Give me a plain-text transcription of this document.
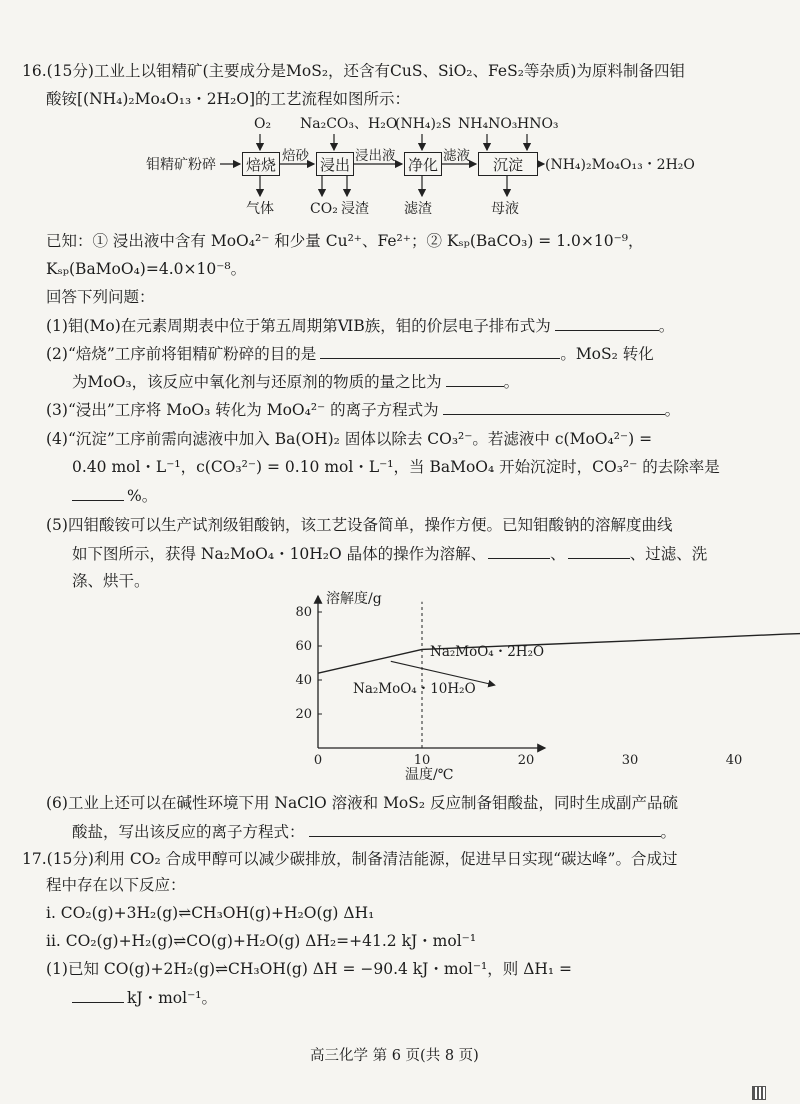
16.(15分)工业上以钼精矿(主要成分是MoS₂，还含有CuS、SiO₂、FeS₂等杂质)为原料制备四钼
酸铵[(NH₄)₂Mo₄O₁₃・2H₂O]的工艺流程如图所示：
O₂ Na₂CO₃、H₂O
(NH₄)₂S NH₄NO₃ HNO₃
钼精矿粉碎 焙烧	浸出	净化	沉淀
焙砂	浸出液	滤液
(NH₄)₂Mo₄O₁₃・2H₂O
气体	CO₂ 浸渣	滤渣	母液
已知：① 浸出液中含有 MoO₄²⁻ 和少量 Cu²⁺、Fe²⁺；② Kₛₚ(BaCO₃) = 1.0×10⁻⁹，
Kₛₚ(BaMoO₄)=4.0×10⁻⁸。
回答下列问题：
(1)钼(Mo)在元素周期表中位于第五周期第ⅥB族，钼的价层电子排布式为	。
(2)“焙烧”工序前将钼精矿粉碎的目的是	。MoS₂ 转化
为MoO₃，该反应中氧化剂与还原剂的物质的量之比为	。
(3)“浸出”工序将 MoO₃ 转化为 MoO₄²⁻ 的离子方程式为	。
(4)“沉淀”工序前需向滤液中加入 Ba(OH)₂ 固体以除去 CO₃²⁻。若滤液中 c(MoO₄²⁻) =
0.40 mol・L⁻¹，c(CO₃²⁻) = 0.10 mol・L⁻¹，当 BaMoO₄ 开始沉淀时，CO₃²⁻ 的去除率是
%。
(5)四钼酸铵可以生产试剂级钼酸钠，该工艺设备简单，操作方便。已知钼酸钠的溶解度曲线
如下图所示，获得 Na₂MoO₄・10H₂O 晶体的操作为溶解、	、	、过滤、洗
涤、烘干。
0	10	20	30	40
20
40
60
80
溶解度/g
温度/℃
Na₂MoO₄・2H₂O
Na₂MoO₄・10H₂O
(6)工业上还可以在碱性环境下用 NaClO 溶液和 MoS₂ 反应制备钼酸盐，同时生成副产品硫
酸盐，写出该反应的离子方程式：	。
17.(15分)利用 CO₂ 合成甲醇可以减少碳排放，制备清洁能源，促进早日实现“碳达峰”。合成过
程中存在以下反应：
i. CO₂(g)+3H₂(g)⇌CH₃OH(g)+H₂O(g) ΔH₁
ii. CO₂(g)+H₂(g)⇌CO(g)+H₂O(g) ΔH₂=+41.2 kJ・mol⁻¹
(1)已知 CO(g)+2H₂(g)⇌CH₃OH(g) ΔH = −90.4 kJ・mol⁻¹，则 ΔH₁ =
kJ・mol⁻¹。
高三化学 第 6 页(共 8 页)
